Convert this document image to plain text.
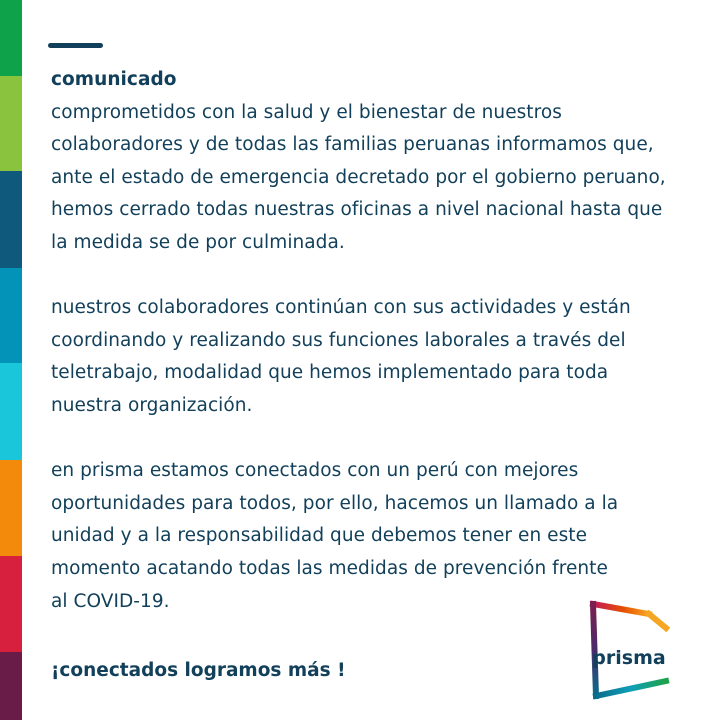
comunicado

comprometidos con la salud y el bienestar de nuestros

colaboradores y de todas las familias peruanas informamos que,

ante el estado de emergencia decretado por el gobierno peruano,

hemos cerrado todas nuestras oficinas a nivel nacional hasta que

la medida se de por culminada.

nuestros colaboradores continúan con sus actividades y están

coordinando y realizando sus funciones laborales a través del

teletrabajo, modalidad que hemos implementado para toda

nuestra organización.

en prisma estamos conectados con un perú con mejores

oportunidades para todos, por ello, hacemos un llamado a la

unidad y a la responsabilidad que debemos tener en este

momento acatando todas las medidas de prevención frente

al COVID-19.

¡conectados logramos más !
prisma
